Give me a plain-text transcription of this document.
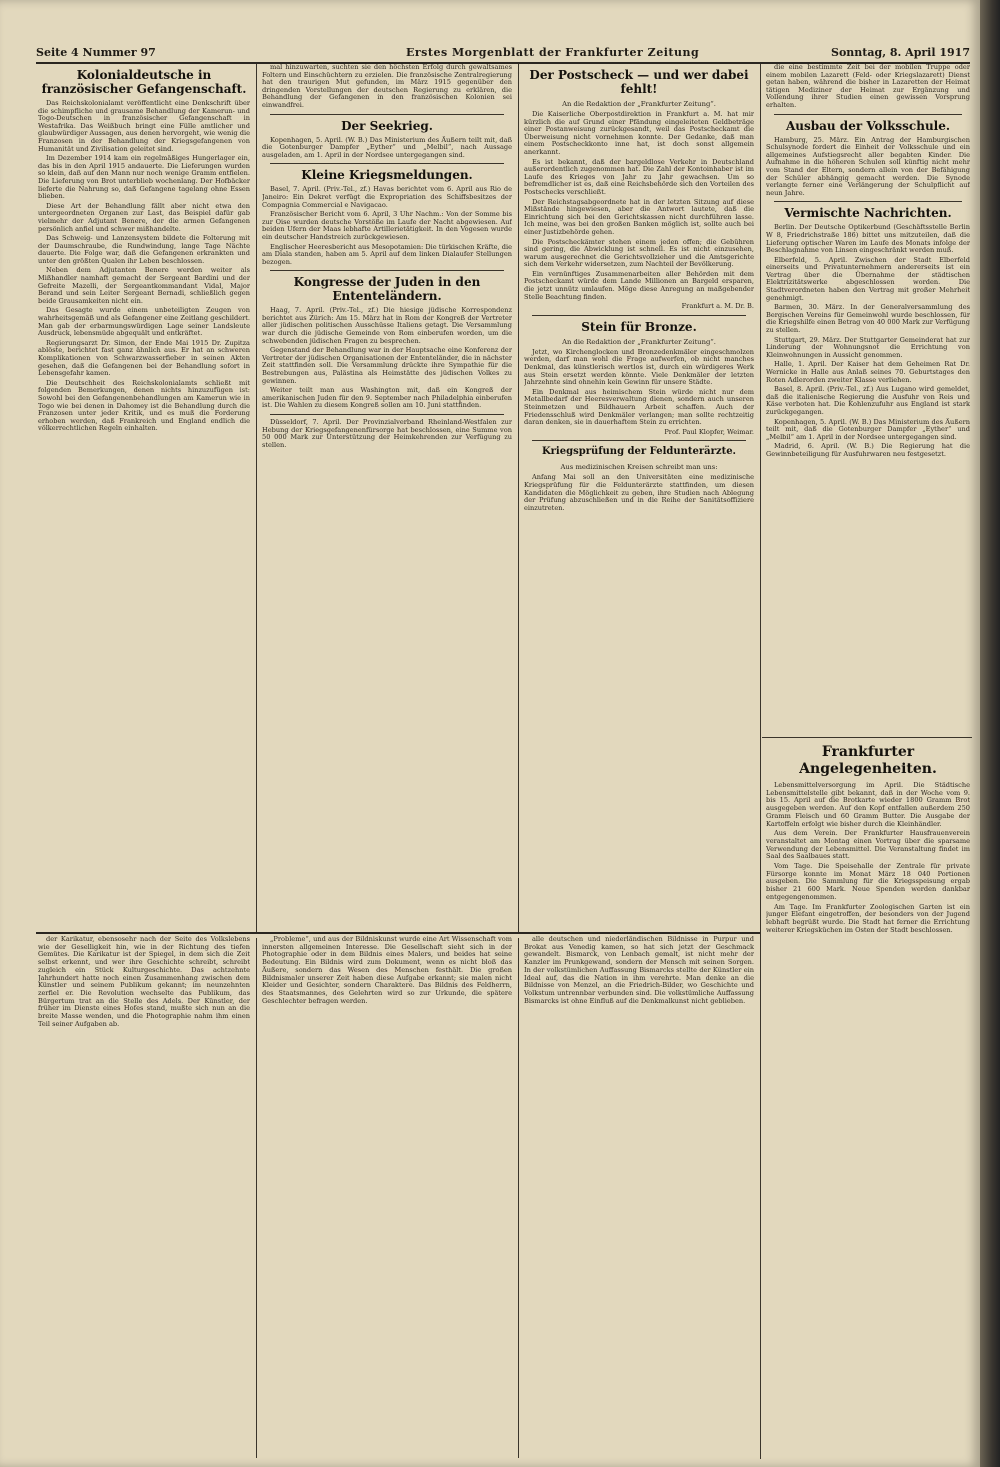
Seite 4 Nummer 97	Erstes Morgenblatt der Frankfurter Zeitung	Sonntag, 8. April 1917
Kolonialdeutsche in französischer Gefangenschaft.

Das Reichskolonialamt veröffentlicht eine Denkschrift über die schimpfliche und grausame Behandlung der Kamerun- und Togo-Deutschen in französischer Gefangenschaft in Westafrika. Das Weißbuch bringt eine Fülle amtlicher und glaubwürdiger Aussagen, aus denen hervorgeht, wie wenig die Franzosen in der Behandlung der Kriegsgefangenen von Humanität und Zivilisation geleitet sind.

Im Dezember 1914 kam ein regelmäßiges Hungerlager ein, das bis in den April 1915 andauerte. Die Lieferungen wurden so klein, daß auf den Mann nur noch wenige Gramm entfielen. Die Lieferung von Brot unterblieb wochenlang. Der Hofbäcker lieferte die Nahrung so, daß Gefangene tagelang ohne Essen blieben.

Diese Art der Behandlung fällt aber nicht etwa den untergeordneten Organen zur Last, das Beispiel dafür gab vielmehr der Adjutant Benere, der die armen Gefangenen persönlich anfiel und schwer mißhandelte.

Das Schweig- und Lanzensystem bildete die Folterung mit der Daumschraube, die Rundwindung, lange Tage Nächte dauerte. Die Folge war, daß die Gefangenen erkrankten und unter den größten Qualen ihr Leben beschlossen.

Neben dem Adjutanten Benere werden weiter als Mißhandler namhaft gemacht der Sergeant Bardini und der Gefreite Mazelli, der Sergeantkommandant Vidal, Major Berand und sein Leiter Sergeant Bernadi, schließlich gegen beide Grausamkeiten nicht ein.

Das Gesagte wurde einem unbeteiligten Zeugen von wahrheitsgemäß und als Gefangener eine Zeitlang geschildert. Man gab der erbarmungswürdigen Lage seiner Landsleute Ausdruck, lebensmüde abgequält und entkräftet.

Regierungsarzt Dr. Simon, der Ende Mai 1915 Dr. Zupitza ablöste, berichtet fast ganz ähnlich aus. Er hat an schweren Komplikationen von Schwarzwasserfieber in seinen Akten gesehen, daß die Gefangenen bei der Behandlung sofort in Lebensgefahr kamen.

Die Deutschheit des Reichskolonialamts schließt mit folgenden Bemerkungen, denen nichts hinzuzufügen ist: Sowohl bei den Gefangenenbehandlungen am Kamerun wie in Togo wie bei denen in Dahomey ist die Behandlung durch die Franzosen unter jeder Kritik, und es muß die Forderung erhoben werden, daß Frankreich und England endlich die völkerrechtlichen Regeln einhalten.

mal hinzuwarten, suchten sie den höchsten Erfolg durch gewaltsames Foltern und Einschüchtern zu erzielen. Die französische Zentralregierung hat den traurigen Mut gefunden, im März 1915 gegenüber den dringenden Vorstellungen der deutschen Regierung zu erklären, die Behandlung der Gefangenen in den französischen Kolonien sei einwandfrei.

Der Seekrieg.

Kopenhagen, 5. April. (W. B.) Das Ministerium des Äußern teilt mit, daß die Gotenburger Dampfer „Eyther“ und „Melbil“, nach Aussage ausgeladen, am 1. April in der Nordsee untergegangen sind.

Kleine Kriegsmeldungen.

Basel, 7. April. (Priv.-Tel., zf.) Havas berichtet vom 6. April aus Rio de Janeiro: Ein Dekret verfügt die Expropriation des Schiffsbesitzes der Compagnia Commercial e Navigacao.

Französischer Bericht vom 6. April, 3 Uhr Nachm.: Von der Somme bis zur Oise wurden deutsche Vorstöße im Laufe der Nacht abgewiesen. Auf beiden Ufern der Maas lebhafte Artillerietätigkeit. In den Vogesen wurde ein deutscher Handstreich zurückgewiesen.

Englischer Heeresbericht aus Mesopotamien: Die türkischen Kräfte, die am Diala standen, haben am 5. April auf dem linken Dialaufer Stellungen bezogen.

Kongresse der Juden in den Ententeländern.

Haag, 7. April. (Priv.-Tel., zf.) Die hiesige jüdische Korrespondenz berichtet aus Zürich: Am 15. März hat in Rom der Kongreß der Vertreter aller jüdischen politischen Ausschüsse Italiens getagt. Die Versammlung war durch die jüdische Gemeinde von Rom einberufen worden, um die schwebenden jüdischen Fragen zu besprechen.

Gegenstand der Behandlung war in der Hauptsache eine Konferenz der Vertreter der jüdischen Organisationen der Ententeländer, die in nächster Zeit stattfinden soll. Die Versammlung drückte ihre Sympathie für die Bestrebungen aus, Palästina als Heimstätte des jüdischen Volkes zu gewinnen.

Weiter teilt man aus Washington mit, daß ein Kongreß der amerikanischen Juden für den 9. September nach Philadelphia einberufen ist. Die Wahlen zu diesem Kongreß sollen am 10. Juni stattfinden.

Düsseldorf, 7. April. Der Provinzialverband Rheinland-Westfalen zur Hebung der Kriegsgefangenenfürsorge hat beschlossen, eine Summe von 50 000 Mark zur Unterstützung der Heimkehrenden zur Verfügung zu stellen.

Der Postscheck — und wer dabei fehlt!

An die Redaktion der „Frankfurter Zeitung“.

Die Kaiserliche Oberpostdirektion in Frankfurt a. M. hat mir kürzlich die auf Grund einer Pfändung eingeleiteten Geldbeträge einer Postanweisung zurückgesandt, weil das Postscheckamt die Überweisung nicht vornehmen konnte. Der Gedanke, daß man einem Postscheckkonto inne hat, ist doch sonst allgemein anerkannt.

Es ist bekannt, daß der bargeldlose Verkehr in Deutschland außerordentlich zugenommen hat. Die Zahl der Kontoinhaber ist im Laufe des Krieges von Jahr zu Jahr gewachsen. Um so befremdlicher ist es, daß eine Reichsbehörde sich den Vorteilen des Postschecks verschließt.

Der Reichstagsabgeordnete hat in der letzten Sitzung auf diese Mißstände hingewiesen, aber die Antwort lautete, daß die Einrichtung sich bei den Gerichtskassen nicht durchführen lasse. Ich meine, was bei den großen Banken möglich ist, sollte auch bei einer Justizbehörde gehen.

Die Postscheckämter stehen einem jeden offen; die Gebühren sind gering, die Abwicklung ist schnell. Es ist nicht einzusehen, warum ausgerechnet die Gerichtsvollzieher und die Amtsgerichte sich dem Verkehr widersetzen, zum Nachteil der Bevölkerung.

Ein vernünftiges Zusammenarbeiten aller Behörden mit dem Postscheckamt würde dem Lande Millionen an Bargeld ersparen, die jetzt unnütz umlaufen. Möge diese Anregung an maßgebender Stelle Beachtung finden.

Frankfurt a. M. Dr. B.

Stein für Bronze.

An die Redaktion der „Frankfurter Zeitung“.

Jetzt, wo Kirchenglocken und Bronzedenkmäler eingeschmolzen werden, darf man wohl die Frage aufwerfen, ob nicht manches Denkmal, das künstlerisch wertlos ist, durch ein würdigeres Werk aus Stein ersetzt werden könnte. Viele Denkmäler der letzten Jahrzehnte sind ohnehin kein Gewinn für unsere Städte.

Ein Denkmal aus heimischem Stein würde nicht nur dem Metallbedarf der Heeresverwaltung dienen, sondern auch unseren Steinmetzen und Bildhauern Arbeit schaffen. Auch der Friedensschluß wird Denkmäler verlangen; man sollte rechtzeitig daran denken, sie in dauerhaftem Stein zu errichten.

Prof. Paul Klopfer, Weimar.

Kriegsprüfung der Feldunterärzte.

Aus medizinischen Kreisen schreibt man uns:

Anfang Mai soll an den Universitäten eine medizinische Kriegsprüfung für die Feldunterärzte stattfinden, um diesen Kandidaten die Möglichkeit zu geben, ihre Studien nach Ablegung der Prüfung abzuschließen und in die Reihe der Sanitätsoffiziere einzutreten.

die eine bestimmte Zeit bei der mobilen Truppe oder einem mobilen Lazarett (Feld- oder Kriegslazarett) Dienst getan haben, während die bisher in Lazaretten der Heimat tätigen Mediziner der Heimat zur Ergänzung und Vollendung ihrer Studien einen gewissen Vorsprung erhalten.

Ausbau der Volksschule.

Hamburg, 25. März. Ein Antrag der Hamburgischen Schulsynode fordert die Einheit der Volksschule und ein allgemeines Aufstiegsrecht aller begabten Kinder. Die Aufnahme in die höheren Schulen soll künftig nicht mehr vom Stand der Eltern, sondern allein von der Befähigung der Schüler abhängig gemacht werden. Die Synode verlangte ferner eine Verlängerung der Schulpflicht auf neun Jahre.

Vermischte Nachrichten.

Berlin. Der Deutsche Optikerbund (Geschäftsstelle Berlin W 8, Friedrichstraße 186) bittet uns mitzuteilen, daß die Lieferung optischer Waren im Laufe des Monats infolge der Beschlagnahme von Linsen eingeschränkt werden muß.

Elberfeld, 5. April. Zwischen der Stadt Elberfeld einerseits und Privatunternehmern andererseits ist ein Vertrag über die Übernahme der städtischen Elektrizitätswerke abgeschlossen worden. Die Stadtverordneten haben den Vertrag mit großer Mehrheit genehmigt.

Barmen, 30. März. In der Generalversammlung des Bergischen Vereins für Gemeinwohl wurde beschlossen, für die Kriegshilfe einen Betrag von 40 000 Mark zur Verfügung zu stellen.

Stuttgart, 29. März. Der Stuttgarter Gemeinderat hat zur Linderung der Wohnungsnot die Errichtung von Kleinwohnungen in Aussicht genommen.

Halle, 1. April. Der Kaiser hat dem Geheimen Rat Dr. Wernicke in Halle aus Anlaß seines 70. Geburtstages den Roten Adlerorden zweiter Klasse verliehen.

Basel, 8. April. (Priv.-Tel., zf.) Aus Lugano wird gemeldet, daß die italienische Regierung die Ausfuhr von Reis und Käse verboten hat. Die Kohlenzufuhr aus England ist stark zurückgegangen.

Kopenhagen, 5. April. (W. B.) Das Ministerium des Äußern teilt mit, daß die Gotenburger Dampfer „Eyther“ und „Melbil“ am 1. April in der Nordsee untergegangen sind.

Madrid, 6. April. (W. B.) Die Regierung hat die Gewinnbeteiligung für Ausfuhrwaren neu festgesetzt.

der Karikatur, ebensosehr nach der Seite des Volkslebens wie der Geselligkeit hin, wie in der Richtung des tiefen Gemütes. Die Karikatur ist der Spiegel, in dem sich die Zeit selbst erkennt, und wer ihre Geschichte schreibt, schreibt zugleich ein Stück Kulturgeschichte. Das achtzehnte Jahrhundert hatte noch einen Zusammenhang zwischen dem Künstler und seinem Publikum gekannt; im neunzehnten zerfiel er. Die Revolution wechselte das Publikum, das Bürgertum trat an die Stelle des Adels. Der Künstler, der früher im Dienste eines Hofes stand, mußte sich nun an die breite Masse wenden, und die Photographie nahm ihm einen Teil seiner Aufgaben ab.

„Probleme“, und aus der Bildniskunst wurde eine Art Wissenschaft vom innersten allgemeinen Interesse. Die Gesellschaft sieht sich in der Photographie oder in dem Bildnis eines Malers, und beides hat seine Bedeutung. Ein Bildnis wird zum Dokument, wenn es nicht bloß das Äußere, sondern das Wesen des Menschen festhält. Die großen Bildnismaler unserer Zeit haben diese Aufgabe erkannt; sie malen nicht Kleider und Gesichter, sondern Charaktere. Das Bildnis des Feldherrn, des Staatsmannes, des Gelehrten wird so zur Urkunde, die spätere Geschlechter befragen werden.

alle deutschen und niederländischen Bildnisse in Purpur und Brokat aus Venedig kamen, so hat sich jetzt der Geschmack gewandelt. Bismarck, von Lenbach gemalt, ist nicht mehr der Kanzler im Prunkgewand, sondern der Mensch mit seinen Sorgen. In der volkstümlichen Auffassung Bismarcks stellte der Künstler ein Ideal auf, das die Nation in ihm verehrte. Man denke an die Bildnisse von Menzel, an die Friedrich-Bilder, wo Geschichte und Volkstum untrennbar verbunden sind. Die volkstümliche Auffassung Bismarcks ist ohne Einfluß auf die Denkmalkunst nicht geblieben.

Frankfurter Angelegenheiten.

Lebensmittelversorgung im April. Die Städtische Lebensmittelstelle gibt bekannt, daß in der Woche vom 9. bis 15. April auf die Brotkarte wieder 1800 Gramm Brot ausgegeben werden. Auf den Kopf entfallen außerdem 250 Gramm Fleisch und 60 Gramm Butter. Die Ausgabe der Kartoffeln erfolgt wie bisher durch die Kleinhändler.

Aus dem Verein. Der Frankfurter Hausfrauenverein veranstaltet am Montag einen Vortrag über die sparsame Verwendung der Lebensmittel. Die Veranstaltung findet im Saal des Saalbaues statt.

Vom Tage. Die Speisehalle der Zentrale für private Fürsorge konnte im Monat März 18 040 Portionen ausgeben. Die Sammlung für die Kriegsspeisung ergab bisher 21 600 Mark. Neue Spenden werden dankbar entgegengenommen.

Am Tage. Im Frankfurter Zoologischen Garten ist ein junger Elefant eingetroffen, der besonders von der Jugend lebhaft begrüßt wurde. Die Stadt hat ferner die Errichtung weiterer Kriegsküchen im Osten der Stadt beschlossen.
